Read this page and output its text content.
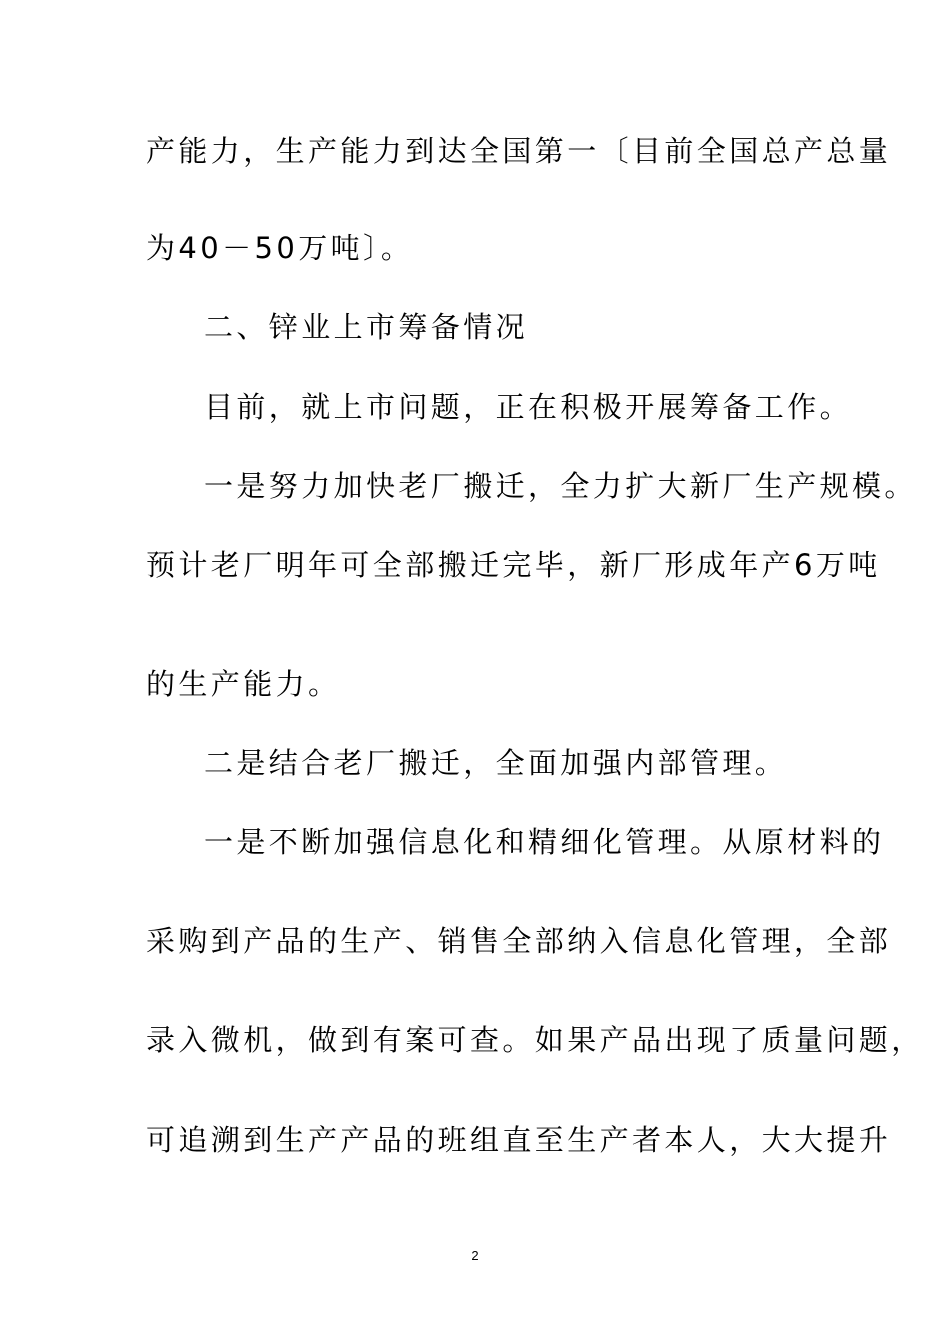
产能力，生产能力到达全国第一〔目前全国总产总量

为40－50万吨〕。

二、锌业上市筹备情况

目前，就上市问题，正在积极开展筹备工作。

一是努力加快老厂搬迁，全力扩大新厂生产规模。

预计老厂明年可全部搬迁完毕，新厂形成年产6万吨

的生产能力。

二是结合老厂搬迁，全面加强内部管理。

一是不断加强信息化和精细化管理。从原材料的

采购到产品的生产、销售全部纳入信息化管理，全部

录入微机，做到有案可查。如果产品出现了质量问题，

可追溯到生产产品的班组直至生产者本人，大大提升

2
